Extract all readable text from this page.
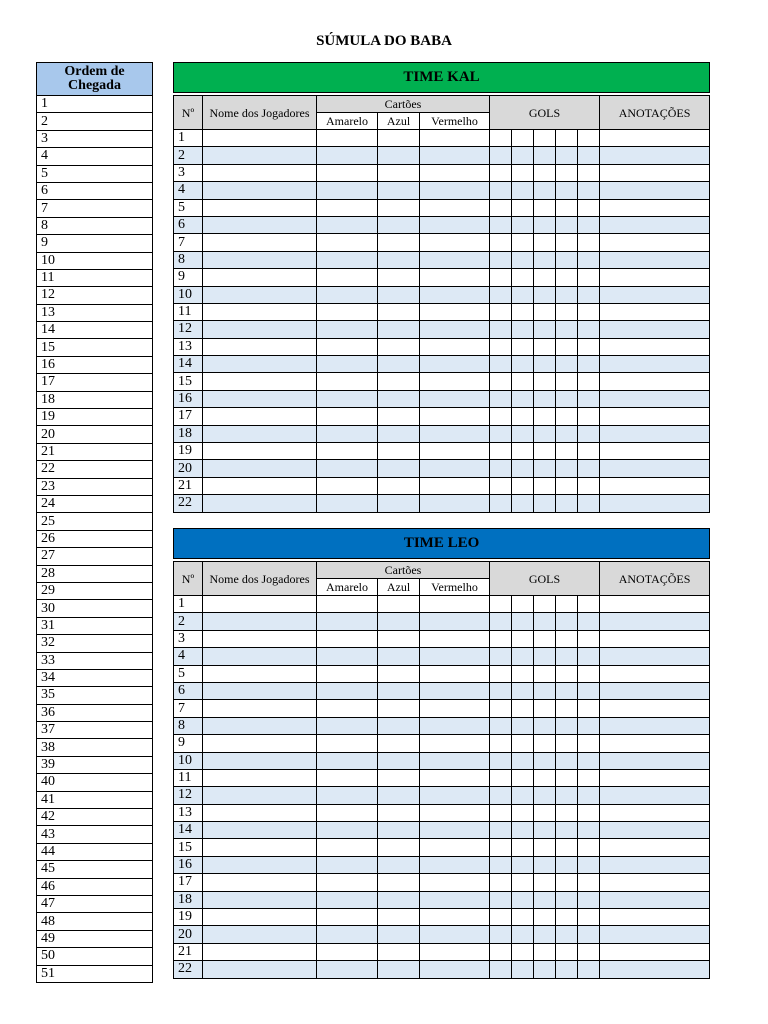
SÚMULA DO BABA
Ordem de
Chegada
1
2
3
4
5
6
7
8
9
10
11
12
13
14
15
16
17
18
19
20
21
22
23
24
25
26
27
28
29
30
31
32
33
34
35
36
37
38
39
40
41
42
43
44
45
46
47
48
49
50
51
TIME KAL										

Nº	Nome dos Jogadores	Cartões			GOLS					ANOTAÇÕES
		Amarelo	Azul	Vermelho						
1										
2										
3										
4										
5										
6										
7										
8										
9										
10										
11										
12										
13										
14										
15										
16										
17										
18										
19										
20										
21										
22										
TIME LEO										

Nº	Nome dos Jogadores	Cartões			GOLS					ANOTAÇÕES
		Amarelo	Azul	Vermelho						
1										
2										
3										
4										
5										
6										
7										
8										
9										
10										
11										
12										
13										
14										
15										
16										
17										
18										
19										
20										
21										
22										
